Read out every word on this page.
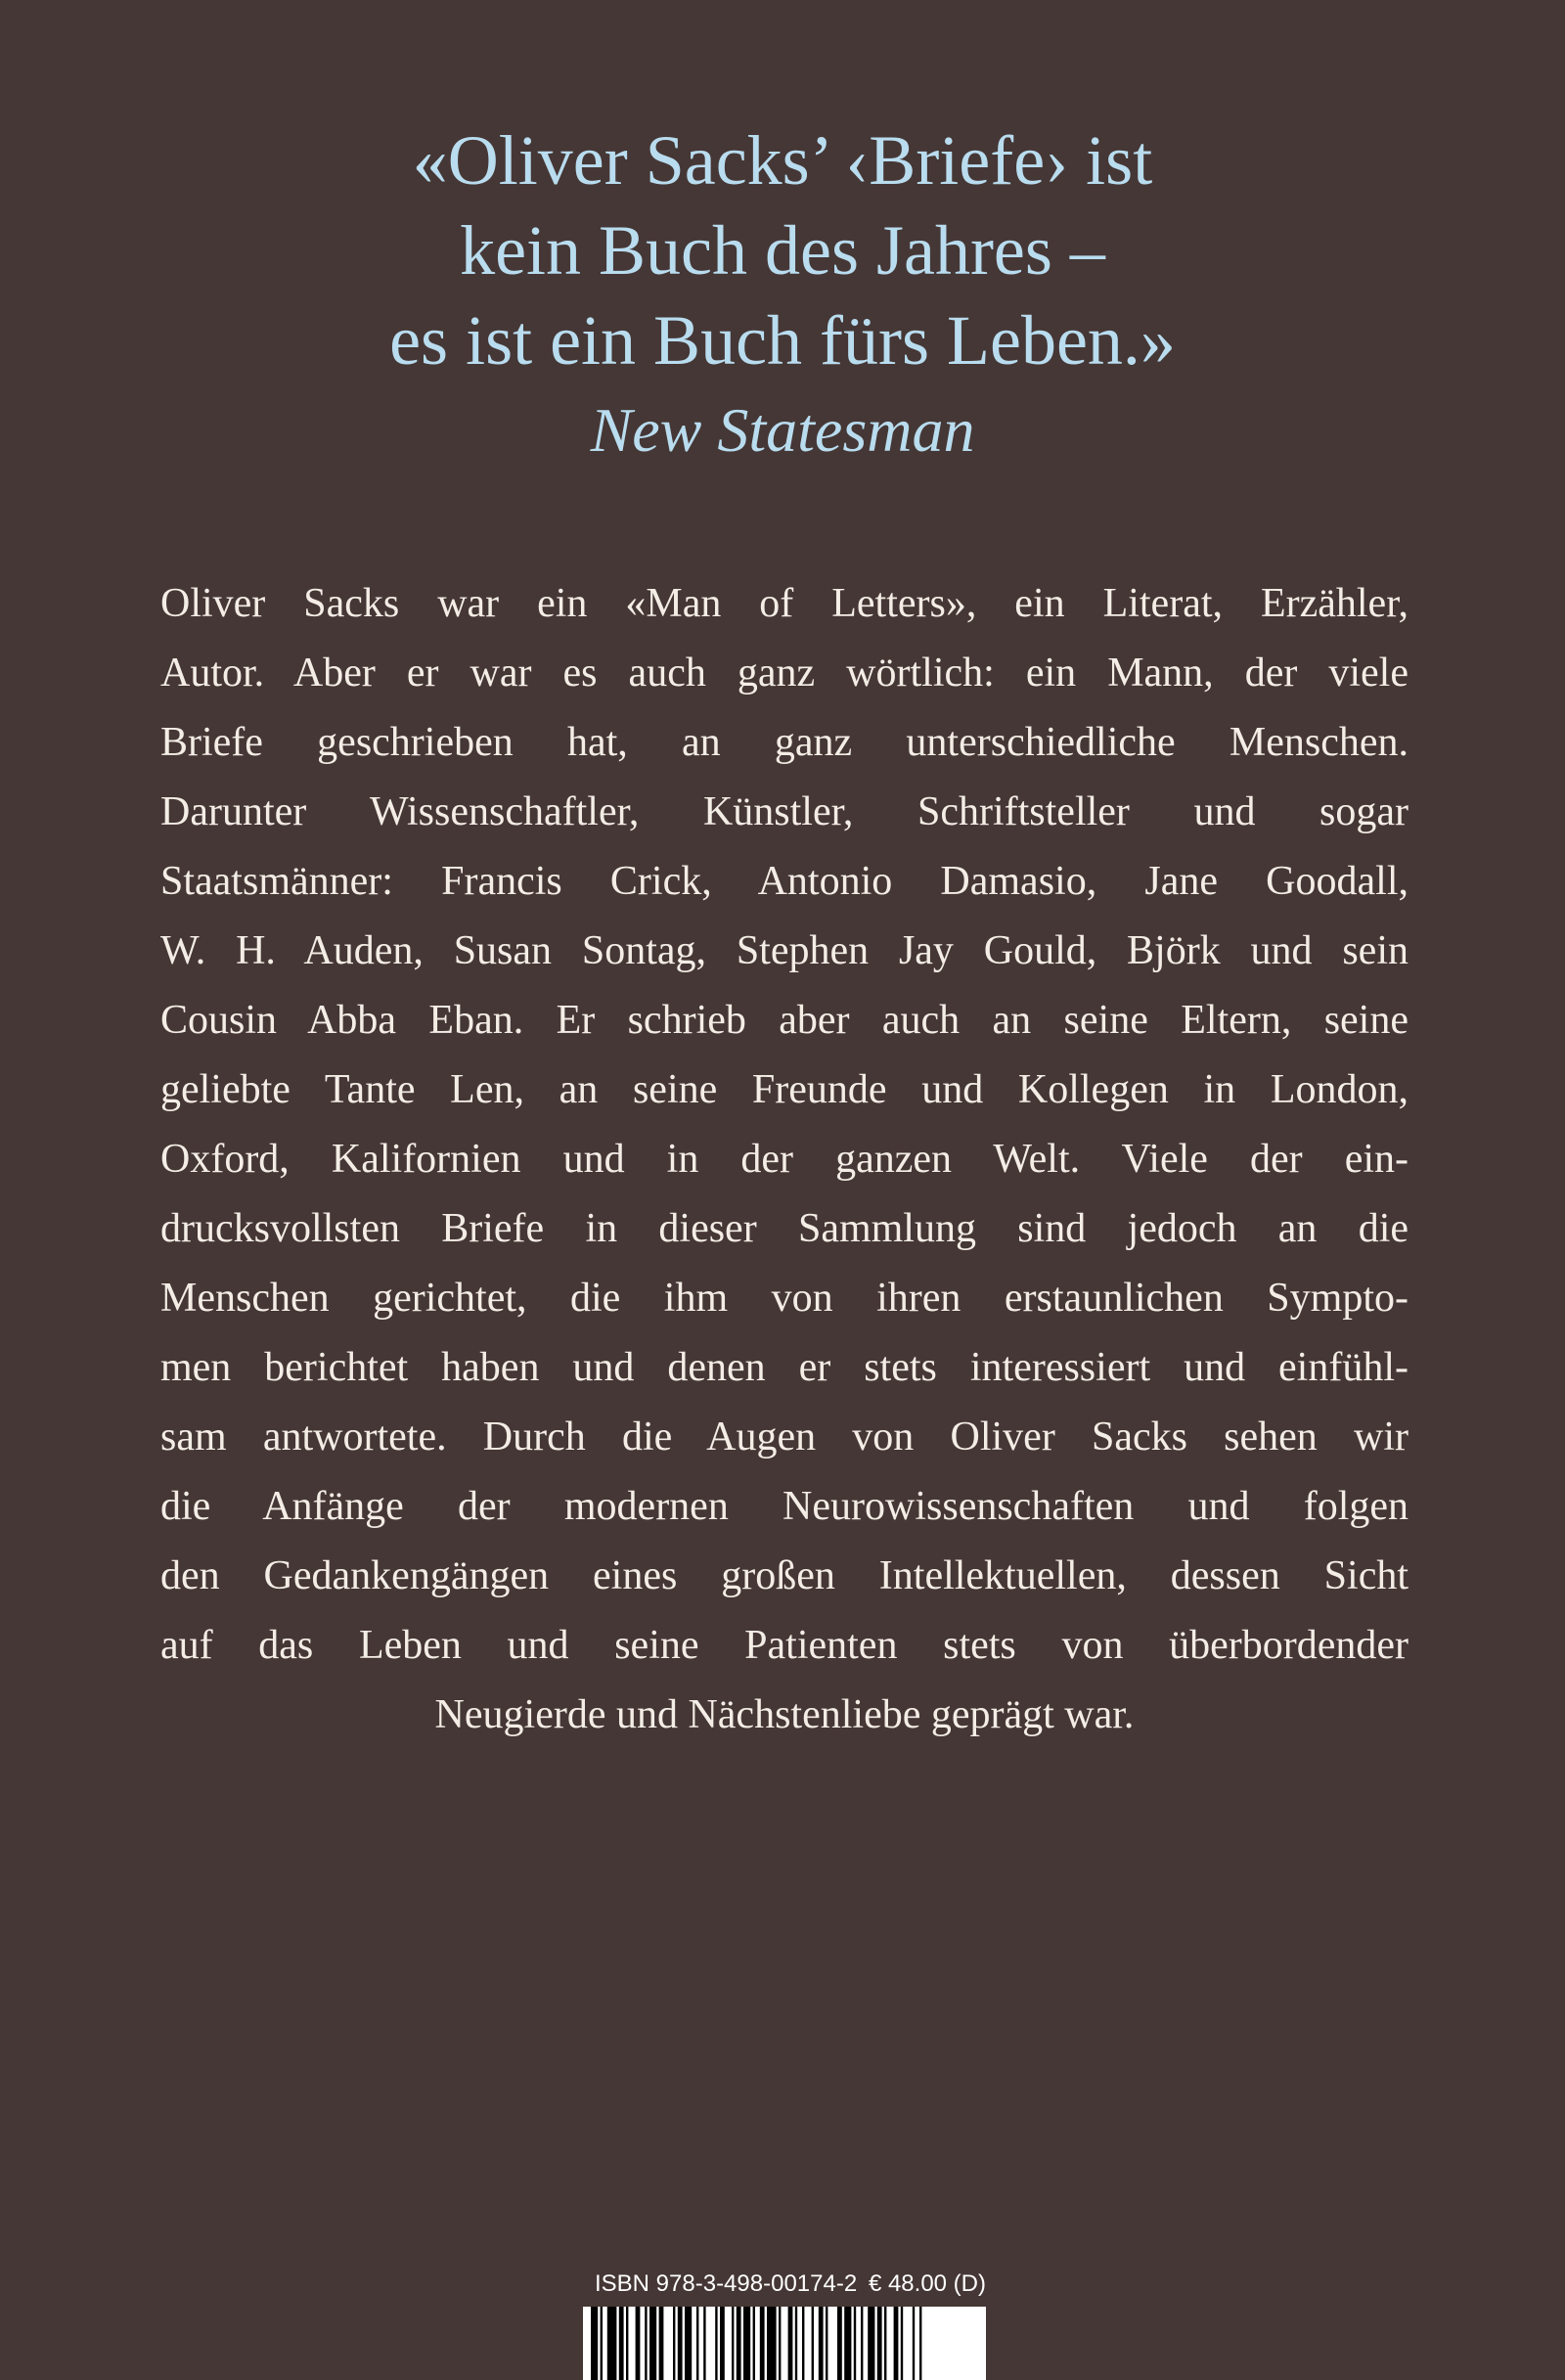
«Oliver Sacks’ ‹Briefe› ist
kein Buch des Jahres –
es ist ein Buch fürs Leben.»
New Statesman
Oliver Sacks war ein «Man of Letters», ein Literat, Erzähler,
Autor. Aber er war es auch ganz wörtlich: ein Mann, der viele
Briefe geschrieben hat, an ganz unterschiedliche Menschen.
Darunter Wissenschaftler, Künstler, Schriftsteller und sogar
Staatsmänner: Francis Crick, Antonio Damasio, Jane Goodall,
W. H. Auden, Susan Sontag, Stephen Jay Gould, Björk und sein
Cousin Abba Eban. Er schrieb aber auch an seine Eltern, seine
geliebte Tante Len, an seine Freunde und Kollegen in London,
Oxford, Kalifornien und in der ganzen Welt. Viele der ein-
drucksvollsten Briefe in dieser Sammlung sind jedoch an die
Menschen gerichtet, die ihm von ihren erstaunlichen Sympto-
men berichtet haben und denen er stets interessiert und einfühl-
sam antwortete. Durch die Augen von Oliver Sacks sehen wir
die Anfänge der modernen Neurowissenschaften und folgen
den Gedankengängen eines großen Intellektuellen, dessen Sicht
auf das Leben und seine Patienten stets von überbordender
Neugierde und Nächstenliebe geprägt war.
ISBN 978-3-498-00174-2 € 48.00 (D)
